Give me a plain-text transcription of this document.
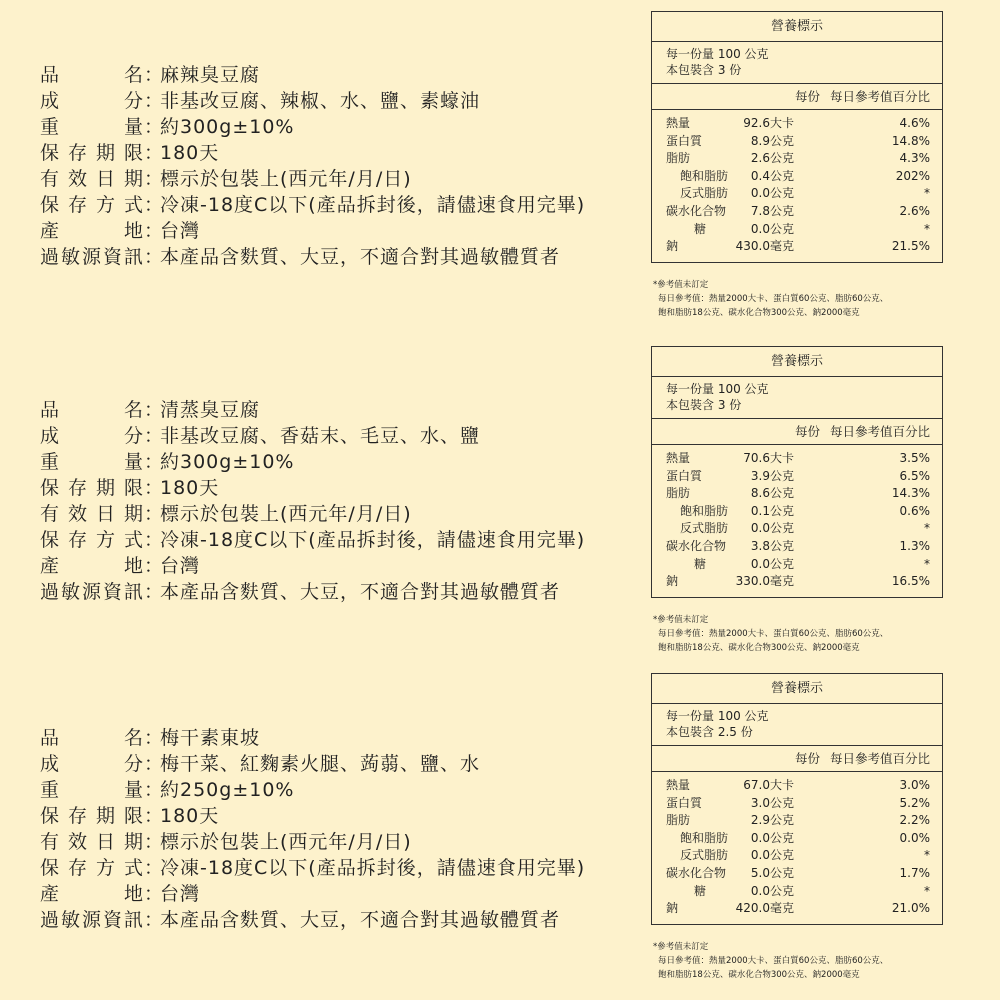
品	名 ：
麻辣臭豆腐
成	分 ：
非基改豆腐、辣椒、水、鹽、素蠔油
重	量 ：
約300g±10%
保 存 期 限 ：
180天
有 效 日 期 ：
標示於包裝上(西元年/月/日)
保 存 方 式 ：
冷凍-18度C以下(產品拆封後，請儘速食用完畢)
產	地 ：
台灣
過 敏 源 資 訊 ：
本產品含麩質、大豆，不適合對其過敏體質者
營養標示
每一份量 100 公克
本包裝含 3 份
每份 每日參考值百分比
熱量	92.6大卡	4.6%
蛋白質	8.9公克	14.8%
脂肪	2.6公克	4.3%
飽和脂肪	0.4公克	202%
反式脂肪	0.0公克	*
碳水化合物	7.8公克	2.6%
糖	0.0公克	*
鈉	430.0毫克	21.5%
*參考值未訂定
每日參考值：熱量2000大卡、蛋白質60公克、脂肪60公克、
飽和脂肪18公克、碳水化合物300公克、鈉2000毫克
品	名 ：
清蒸臭豆腐
成	分 ：
非基改豆腐、香菇末、毛豆、水、鹽
重	量 ：
約300g±10%
保 存 期 限 ：
180天
有 效 日 期 ：
標示於包裝上(西元年/月/日)
保 存 方 式 ：
冷凍-18度C以下(產品拆封後，請儘速食用完畢)
產	地 ：
台灣
過 敏 源 資 訊 ：
本產品含麩質、大豆，不適合對其過敏體質者
營養標示
每一份量 100 公克
本包裝含 3 份
每份 每日參考值百分比
熱量	70.6大卡	3.5%
蛋白質	3.9公克	6.5%
脂肪	8.6公克	14.3%
飽和脂肪	0.1公克	0.6%
反式脂肪	0.0公克	*
碳水化合物	3.8公克	1.3%
糖	0.0公克	*
鈉	330.0毫克	16.5%
*參考值未訂定
每日參考值：熱量2000大卡、蛋白質60公克、脂肪60公克、
飽和脂肪18公克、碳水化合物300公克、鈉2000毫克
品	名 ：
梅干素東坡
成	分 ：
梅干菜、紅麴素火腿、蒟蒻、鹽、水
重	量 ：
約250g±10%
保 存 期 限 ：
180天
有 效 日 期 ：
標示於包裝上(西元年/月/日)
保 存 方 式 ：
冷凍-18度C以下(產品拆封後，請儘速食用完畢)
產	地 ：
台灣
過 敏 源 資 訊 ：
本產品含麩質、大豆，不適合對其過敏體質者
營養標示
每一份量 100 公克
本包裝含 2.5 份
每份 每日參考值百分比
熱量	67.0大卡	3.0%
蛋白質	3.0公克	5.2%
脂肪	2.9公克	2.2%
飽和脂肪	0.0公克	0.0%
反式脂肪	0.0公克	*
碳水化合物	5.0公克	1.7%
糖	0.0公克	*
鈉	420.0毫克	21.0%
*參考值未訂定
每日參考值：熱量2000大卡、蛋白質60公克、脂肪60公克、
飽和脂肪18公克、碳水化合物300公克、鈉2000毫克
